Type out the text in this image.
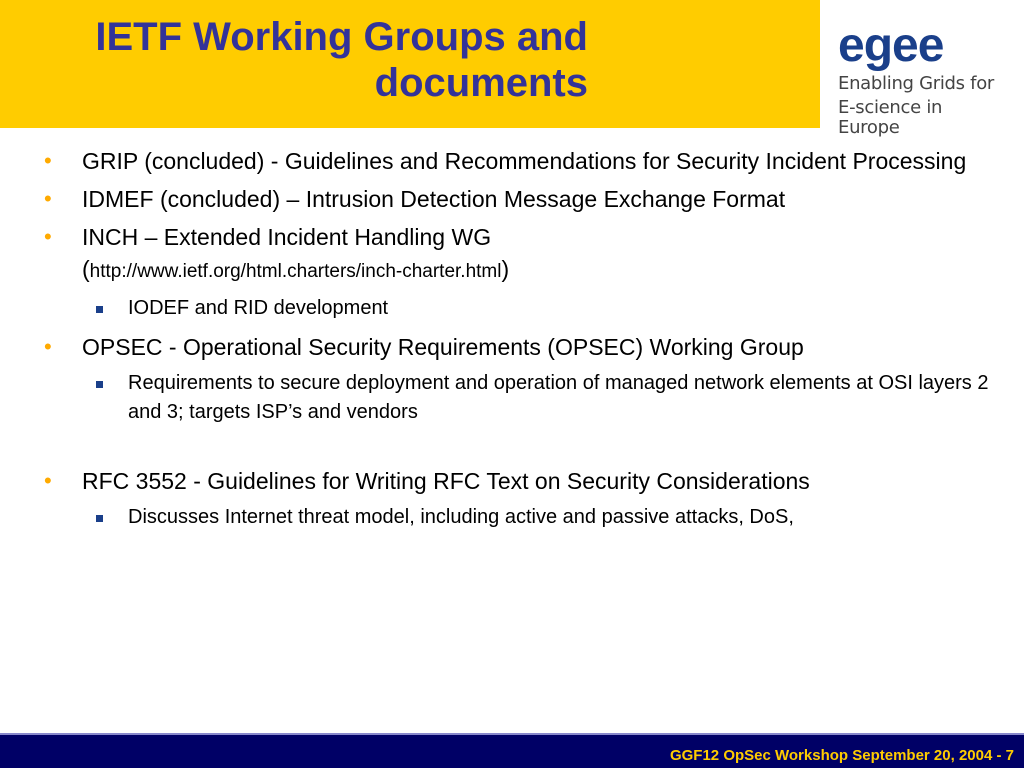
IETF Working Groups and
documents
egee
Enabling Grids for
E-science in Europe
• GRIP (concluded) - Guidelines and Recommendations for Security Incident Processing
• IDMEF (concluded) – Intrusion Detection Message Exchange Format
• INCH – Extended Incident Handling WG
(http://www.ietf.org/html.charters/inch-charter.html)
IODEF and RID development
• OPSEC - Operational Security Requirements (OPSEC) Working Group
Requirements to secure deployment and operation of managed network elements at OSI layers 2 and 3; targets ISP’s and vendors
• RFC 3552 - Guidelines for Writing RFC Text on Security Considerations
Discusses Internet threat model, including active and passive attacks, DoS,
GGF12 OpSec Workshop September 20, 2004 - 7
